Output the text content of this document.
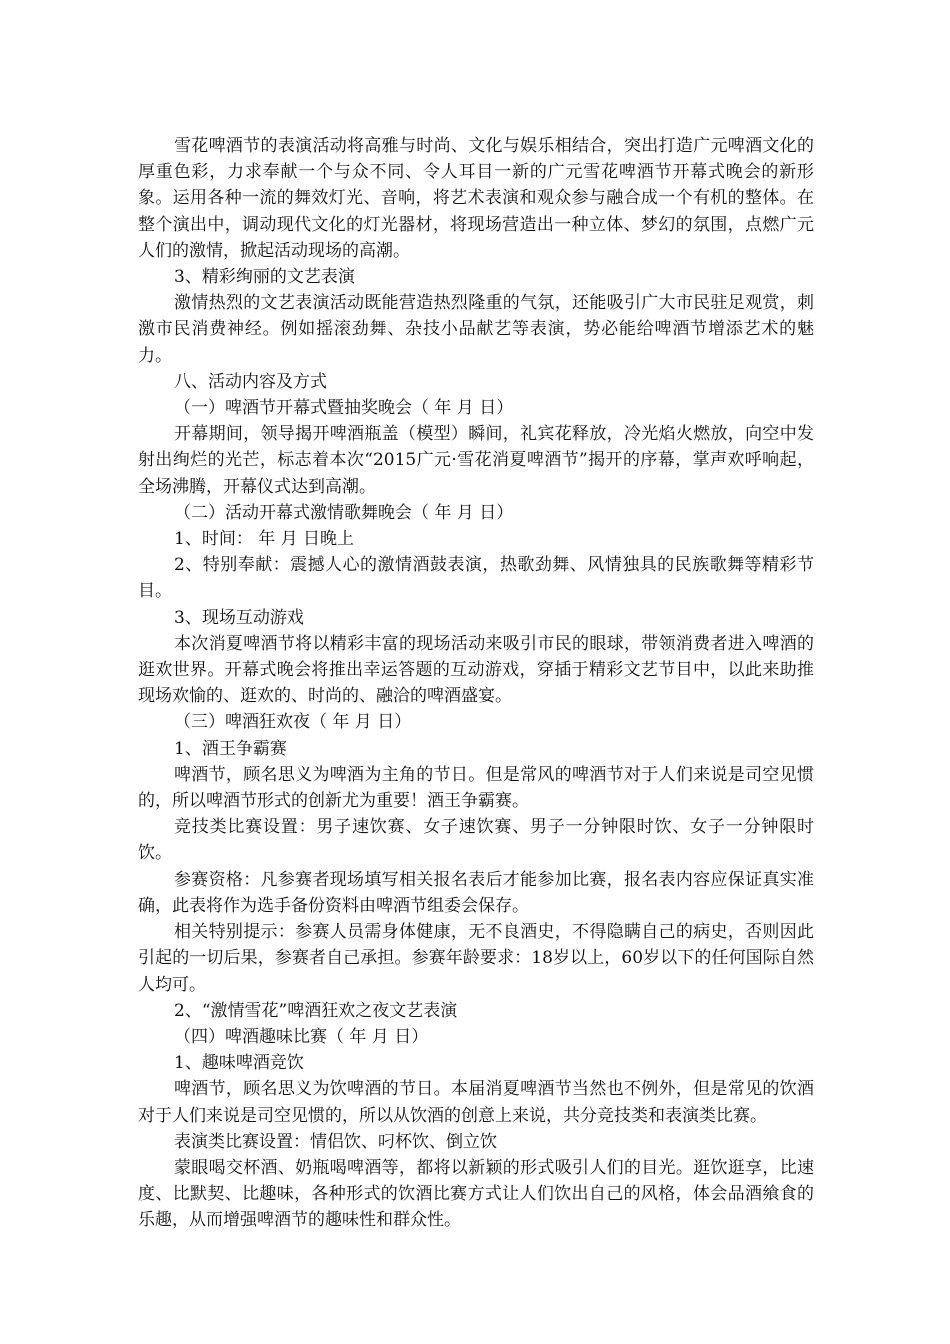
雪花啤酒节的表演活动将高雅与时尚、文化与娱乐相结合，突出打造广元啤酒文化的厚重色彩，力求奉献一个与众不同、令人耳目一新的广元雪花啤酒节开幕式晚会的新形象。运用各种一流的舞效灯光、音响，将艺术表演和观众参与融合成一个有机的整体。在整个演出中，调动现代文化的灯光器材，将现场营造出一种立体、梦幻的氛围，点燃广元人们的激情，掀起活动现场的高潮。

3、精彩绚丽的文艺表演

激情热烈的文艺表演活动既能营造热烈隆重的气氛，还能吸引广大市民驻足观赏，刺激市民消费神经。例如摇滚劲舞、杂技小品献艺等表演，势必能给啤酒节增添艺术的魅力。

八、活动内容及方式

（一）啤酒节开幕式暨抽奖晚会（ 年 月 日）

开幕期间，领导揭开啤酒瓶盖（模型）瞬间，礼宾花释放，冷光焰火燃放，向空中发射出绚烂的光芒，标志着本次“2015广元·雪花消夏啤酒节”揭开的序幕，掌声欢呼响起，全场沸腾，开幕仪式达到高潮。

（二）活动开幕式激情歌舞晚会（ 年 月 日）

1、时间： 年 月 日晚上

2、特别奉献：震撼人心的激情酒鼓表演，热歌劲舞、风情独具的民族歌舞等精彩节目。

3、现场互动游戏

本次消夏啤酒节将以精彩丰富的现场活动来吸引市民的眼球，带领消费者进入啤酒的逛欢世界。开幕式晚会将推出幸运答题的互动游戏，穿插于精彩文艺节目中，以此来助推现场欢愉的、逛欢的、时尚的、融洽的啤酒盛宴。

（三）啤酒狂欢夜（ 年 月 日）

1、酒王争霸赛

啤酒节，顾名思义为啤酒为主角的节日。但是常风的啤酒节对于人们来说是司空见惯的，所以啤酒节形式的创新尤为重要！酒王争霸赛。

竞技类比赛设置：男子速饮赛、女子速饮赛、男子一分钟限时饮、女子一分钟限时饮。

参赛资格：凡参赛者现场填写相关报名表后才能参加比赛，报名表内容应保证真实准确，此表将作为选手备份资料由啤酒节组委会保存。

相关特别提示：参赛人员需身体健康，无不良酒史，不得隐瞒自己的病史，否则因此引起的一切后果，参赛者自己承担。参赛年龄要求：18岁以上，60岁以下的任何国际自然人均可。

2、“激情雪花”啤酒狂欢之夜文艺表演

（四）啤酒趣味比赛（ 年 月 日）

1、趣味啤酒竞饮

啤酒节，顾名思义为饮啤酒的节日。本届消夏啤酒节当然也不例外，但是常见的饮酒对于人们来说是司空见惯的，所以从饮酒的创意上来说，共分竞技类和表演类比赛。

表演类比赛设置：情侣饮、叼杯饮、倒立饮

蒙眼喝交杯酒、奶瓶喝啤酒等，都将以新颖的形式吸引人们的目光。逛饮逛享，比速度、比默契、比趣味，各种形式的饮酒比赛方式让人们饮出自己的风格，体会品酒飨食的乐趣，从而增强啤酒节的趣味性和群众性。
